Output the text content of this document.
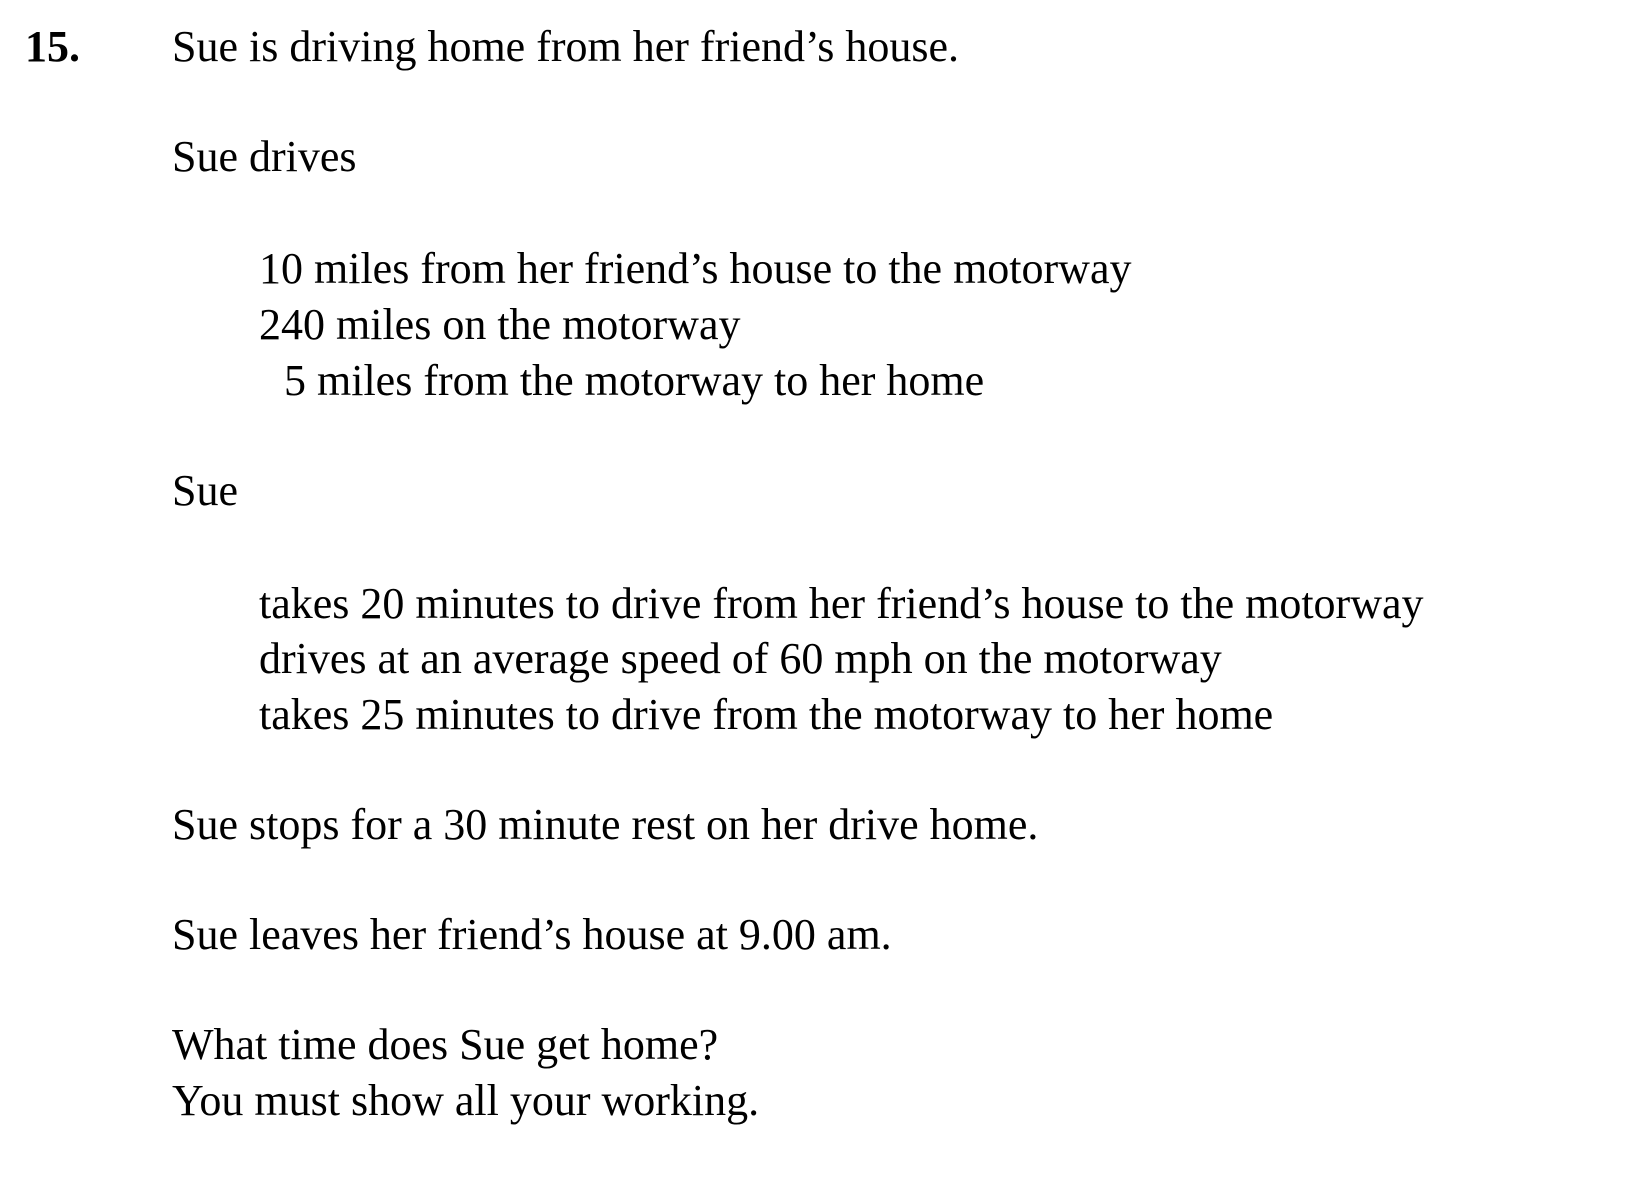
15. Sue is driving home from her friend’s house.
Sue drives
10 miles from her friend’s house to the motorway
240 miles on the motorway
5 miles from the motorway to her home
Sue
takes 20 minutes to drive from her friend’s house to the motorway
drives at an average speed of 60 mph on the motorway
takes 25 minutes to drive from the motorway to her home
Sue stops for a 30 minute rest on her drive home.
Sue leaves her friend’s house at 9.00 am.
What time does Sue get home?
You must show all your working.
